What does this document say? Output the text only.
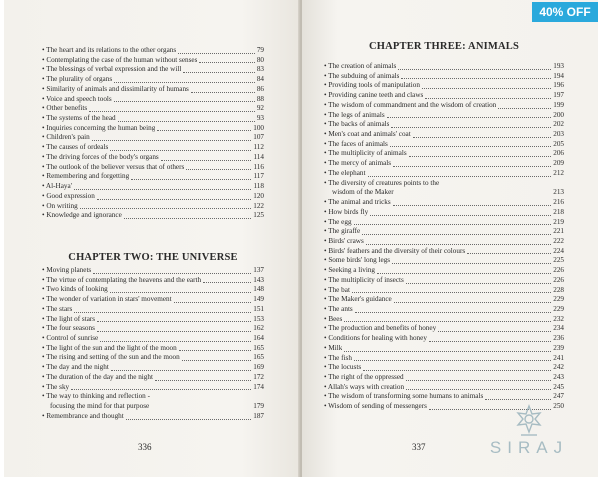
• The heart and its relations to the other organs	79
• Contemplating the case of the human without senses	80
• The blessings of verbal expression and the will	83
• The plurality of organs	84
• Similarity of animals and dissimilarity of humans	86
• Voice and speech tools	88
• Other benefits	92
• The systems of the head	93
• Inquiries concerning the human being	100
• Children's pain	107
• The causes of ordeals	112
• The driving forces of the body's organs	114
• The outlook of the believer versus that of others	116
• Remembering and forgetting	117
• Al-Haya'	118
• Good expression	120
• On writing	122
• Knowledge and ignorance	125
CHAPTER TWO: THE UNIVERSE
• Moving planets	137
• The virtue of contemplating the heavens and the earth	143
• Two kinds of looking	148
• The wonder of variation in stars' movement	149
• The stars	151
• The light of stars	153
• The four seasons	162
• Control of sunrise	164
• The light of the sun and the light of the moon	165
• The rising and setting of the sun and the moon	165
• The day and the night	169
• The duration of the day and the night	172
• The sky	174
• The way to thinking and reflection -
focusing the mind for that purpose	179
• Remembrance and thought	187
336
CHAPTER THREE: ANIMALS
• The creation of animals	193
• The subduing of animals	194
• Providing tools of manipulation	196
• Providing canine teeth and claws	197
• The wisdom of commandment and the wisdom of creation	199
• The legs of animals	200
• The backs of animals	202
• Men's coat and animals' coat	203
• The faces of animals	205
• The multiplicity of animals	206
• The mercy of animals	209
• The elephant	212
• The diversity of creatures points to the
wisdom of the Maker	213
• The animal and tricks	216
• How birds fly	218
• The egg	219
• The giraffe	221
• Birds' craws	222
• Birds' feathers and the diversity of their colours	224
• Some birds' long legs	225
• Seeking a living	226
• The multiplicity of insects	226
• The bat	228
• The Maker's guidance	229
• The ants	229
• Bees	232
• The production and benefits of honey	234
• Conditions for healing with honey	236
• Milk	239
• The fish	241
• The locusts	242
• The right of the oppressed	243
• Allah's ways with creation	245
• The wisdom of transforming some humans to animals	247
• Wisdom of sending of messengers	250
337
40% OFF
SIRAJ
